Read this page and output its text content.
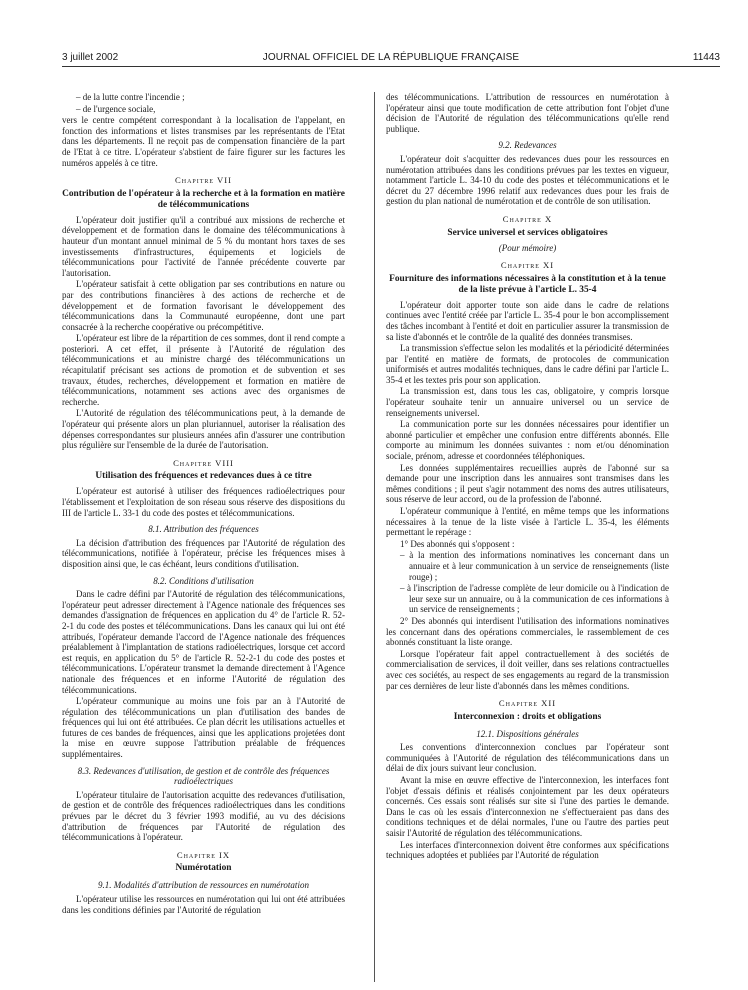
3 juillet 2002	JOURNAL OFFICIEL DE LA RÉPUBLIQUE FRANÇAISE	11443

– de la lutte contre l'incendie ;

– de l'urgence sociale,

vers le centre compétent correspondant à la localisation de l'appelant, en fonction des informations et listes transmises par les représentants de l'Etat dans les départements. Il ne reçoit pas de compensation financière de la part de l'Etat à ce titre. L'opérateur s'abstient de faire figurer sur les factures les numéros appelés à ce titre.

Chapitre VII
Contribution de l'opérateur à la recherche et à la formation en matière de télécommunications

L'opérateur doit justifier qu'il a contribué aux missions de recherche et développement et de formation dans le domaine des télécommunications à hauteur d'un montant annuel minimal de 5 % du montant hors taxes de ses investissements d'infrastructures, équipements et logiciels de télécommunications pour l'activité de l'année précédente couverte par l'autorisation.

L'opérateur satisfait à cette obligation par ses contributions en nature ou par des contributions financières à des actions de recherche et de développement et de formation favorisant le développement des télécommunications dans la Communauté européenne, dont une part consacrée à la recherche coopérative ou précompétitive.

L'opérateur est libre de la répartition de ces sommes, dont il rend compte a posteriori. A cet effet, il présente à l'Autorité de régulation des télécommunications et au ministre chargé des télécommunications un récapitulatif précisant ses actions de promotion et de subvention et ses travaux, études, recherches, développement et formation en matière de télécommunications, notamment ses actions avec des organismes de recherche.

L'Autorité de régulation des télécommunications peut, à la demande de l'opérateur qui présente alors un plan pluriannuel, autoriser la réalisation des dépenses correspondantes sur plusieurs années afin d'assurer une contribution plus régulière sur l'ensemble de la durée de l'autorisation.

Chapitre VIII
Utilisation des fréquences et redevances dues à ce titre

L'opérateur est autorisé à utiliser des fréquences radioélectriques pour l'établissement et l'exploitation de son réseau sous réserve des dispositions du III de l'article L. 33-1 du code des postes et télécommunications.

8.1. Attribution des fréquences

La décision d'attribution des fréquences par l'Autorité de régulation des télécommunications, notifiée à l'opérateur, précise les fréquences mises à disposition ainsi que, le cas échéant, leurs conditions d'utilisation.

8.2. Conditions d'utilisation

Dans le cadre défini par l'Autorité de régulation des télécommunications, l'opérateur peut adresser directement à l'Agence nationale des fréquences ses demandes d'assignation de fréquences en application du 4° de l'article R. 52-2-1 du code des postes et télécommunications. Dans les canaux qui lui ont été attribués, l'opérateur demande l'accord de l'Agence nationale des fréquences préalablement à l'implantation de stations radioélectriques, lorsque cet accord est requis, en application du 5° de l'article R. 52-2-1 du code des postes et télécommunications. L'opérateur transmet la demande directement à l'Agence nationale des fréquences et en informe l'Autorité de régulation des télécommunications.

L'opérateur communique au moins une fois par an à l'Autorité de régulation des télécommunications un plan d'utilisation des bandes de fréquences qui lui ont été attribuées. Ce plan décrit les utilisations actuelles et futures de ces bandes de fréquences, ainsi que les applications projetées dont la mise en œuvre suppose l'attribution préalable de fréquences supplémentaires.

8.3. Redevances d'utilisation, de gestion et de contrôle des fréquences radioélectriques

L'opérateur titulaire de l'autorisation acquitte des redevances d'utilisation, de gestion et de contrôle des fréquences radioélectriques dans les conditions prévues par le décret du 3 février 1993 modifié, au vu des décisions d'attribution de fréquences par l'Autorité de régulation des télécommunications à l'opérateur.

Chapitre IX
Numérotation
9.1. Modalités d'attribution de ressources en numérotation

L'opérateur utilise les ressources en numérotation qui lui ont été attribuées dans les conditions définies par l'Autorité de régulation

des télécommunications. L'attribution de ressources en numérotation à l'opérateur ainsi que toute modification de cette attribution font l'objet d'une décision de l'Autorité de régulation des télécommunications qu'elle rend publique.

9.2. Redevances

L'opérateur doit s'acquitter des redevances dues pour les ressources en numérotation attribuées dans les conditions prévues par les textes en vigueur, notamment l'article L. 34-10 du code des postes et télécommunications et le décret du 27 décembre 1996 relatif aux redevances dues pour les frais de gestion du plan national de numérotation et de contrôle de son utilisation.

Chapitre X
Service universel et services obligatoires
(Pour mémoire)
Chapitre XI
Fourniture des informations nécessaires à la constitution et à la tenue de la liste prévue à l'article L. 35-4

L'opérateur doit apporter toute son aide dans le cadre de relations continues avec l'entité créée par l'article L. 35-4 pour le bon accomplissement des tâches incombant à l'entité et doit en particulier assurer la transmission de sa liste d'abonnés et le contrôle de la qualité des données transmises.

La transmission s'effectue selon les modalités et la périodicité déterminées par l'entité en matière de formats, de protocoles de communication uniformisés et autres modalités techniques, dans le cadre défini par l'article L. 35-4 et les textes pris pour son application.

La transmission est, dans tous les cas, obligatoire, y compris lorsque l'opérateur souhaite tenir un annuaire universel ou un service de renseignements universel.

La communication porte sur les données nécessaires pour identifier un abonné particulier et empêcher une confusion entre différents abonnés. Elle comporte au minimum les données suivantes : nom et/ou dénomination sociale, prénom, adresse et coordonnées téléphoniques.

Les données supplémentaires recueillies auprès de l'abonné sur sa demande pour une inscription dans les annuaires sont transmises dans les mêmes conditions ; il peut s'agir notamment des noms des autres utilisateurs, sous réserve de leur accord, ou de la profession de l'abonné.

L'opérateur communique à l'entité, en même temps que les informations nécessaires à la tenue de la liste visée à l'article L. 35-4, les éléments permettant le repérage :

1° Des abonnés qui s'opposent :

– à la mention des informations nominatives les concernant dans un annuaire et à leur communication à un service de renseignements (liste rouge) ;

– à l'inscription de l'adresse complète de leur domicile ou à l'indication de leur sexe sur un annuaire, ou à la communication de ces informations à un service de renseignements ;

2° Des abonnés qui interdisent l'utilisation des informations nominatives les concernant dans des opérations commerciales, le rassemblement de ces abonnés constituant la liste orange.

Lorsque l'opérateur fait appel contractuellement à des sociétés de commercialisation de services, il doit veiller, dans ses relations contractuelles avec ces sociétés, au respect de ses engagements au regard de la transmission par ces dernières de leur liste d'abonnés dans les mêmes conditions.

Chapitre XII
Interconnexion : droits et obligations
12.1. Dispositions générales

Les conventions d'interconnexion conclues par l'opérateur sont communiquées à l'Autorité de régulation des télécommunications dans un délai de dix jours suivant leur conclusion.

Avant la mise en œuvre effective de l'interconnexion, les interfaces font l'objet d'essais définis et réalisés conjointement par les deux opérateurs concernés. Ces essais sont réalisés sur site si l'une des parties le demande. Dans le cas où les essais d'interconnexion ne s'effectueraient pas dans des conditions techniques et de délai normales, l'une ou l'autre des parties peut saisir l'Autorité de régulation des télécommunications.

Les interfaces d'interconnexion doivent être conformes aux spécifications techniques adoptées et publiées par l'Autorité de régulation
